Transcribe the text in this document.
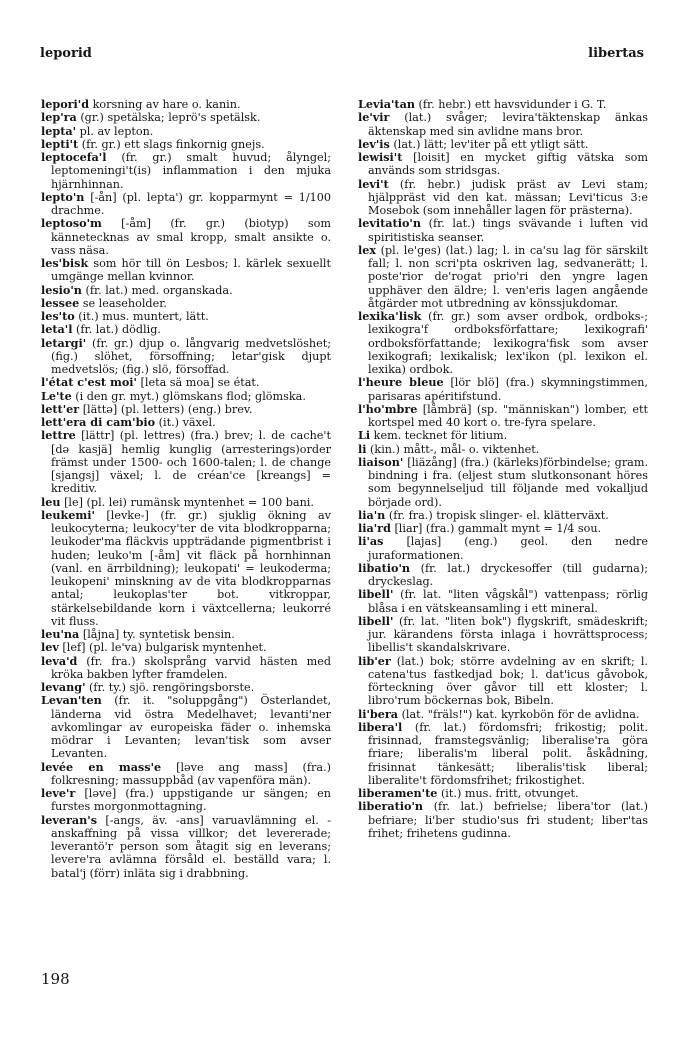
leporid	libertas

lepori'd korsning av hare o. kanin.

lep'ra (gr.) spetälska; leprö's spetälsk.

lepta' pl. av lepton.

lepti't (fr. gr.) ett slags finkornig gnejs.

leptocefa'l (fr. gr.) smalt huvud; ålyngel; leptomeningi't(is) inflammation i den mjuka hjärnhinnan.

lepto'n [-ån] (pl. lepta') gr. kopparmynt = 1/100 drachme.

leptoso'm [-åm] (fr. gr.) (biotyp) som kännetecknas av smal kropp, smalt ansikte o. vass näsa.

les'bisk som hör till ön Lesbos; l. kärlek sexuellt umgänge mellan kvinnor.

lesio'n (fr. lat.) med. organskada.

lessee se leaseholder.

les'to (it.) mus. muntert, lätt.

leta'l (fr. lat.) dödlig.

letargi' (fr. gr.) djup o. långvarig medvetslöshet; (fig.) slöhet, försoffning; letar'gisk djupt medvetslös; (fig.) slö, försoffad.

l'état c'est moi' [leta sä moa] se état.

Le'te (i den gr. myt.) glömskans flod; glömska.

lett'er [lättə] (pl. letters) (eng.) brev.

lett'era di cam'bio (it.) växel.

lettre [lättr] (pl. lettres) (fra.) brev; l. de cache't [də kasjä] hemlig kunglig (arresterings)order främst under 1500- och 1600-talen; l. de change [sjangsj] växel; l. de créan'ce [kreangs] = kreditiv.

leu [le] (pl. lei) rumänsk myntenhet = 100 bani.

leukemi' [levke-] (fr. gr.) sjuklig ökning av leukocyterna; leukocy'ter de vita blodkropparna; leukoder'ma fläckvis uppträdande pigmentbrist i huden; leuko'm [-åm] vit fläck på hornhinnan (vanl. en ärrbildning); leukopati' = leukoderma; leukopeni' minskning av de vita blodkropparnas antal; leukoplas'ter bot. vitkroppar, stärkelsebildande korn i växtcellerna; leukorré vit fluss.

leu'na [låjna] ty. syntetisk bensin.

lev [lef] (pl. le'va) bulgarisk myntenhet.

leva'd (fr. fra.) skolsprång varvid hästen med kröka bakben lyfter framdelen.

levang' (fr. ty.) sjö. rengöringsborste.

Levan'ten (fr. it. "soluppgång") Österlandet, länderna vid östra Medelhavet; levanti'ner avkomlingar av europeiska fäder o. inhemska mödrar i Levanten; levan'tisk som avser Levanten.

levée en mass'e [ləve ang mass] (fra.) folkresning; massuppbåd (av vapenföra män).

leve'r [ləve] (fra.) uppstigande ur sängen; en furstes morgonmottagning.

leveran's [-angs, äv. -ans] varuavlämning el. -anskaffning på vissa villkor; det levererade; leverantö'r person som åtagit sig en leverans; levere'ra avlämna försåld el. beställd vara; l. batal'j (förr) inläta sig i drabbning.

Levia'tan (fr. hebr.) ett havsvidunder i G. T.

le'vir (lat.) svåger; levira'täktenskap änkas äktenskap med sin avlidne mans bror.

lev'is (lat.) lätt; lev'iter på ett ytligt sätt.

lewisi't [loisit] en mycket giftig vätska som används som stridsgas.

levi't (fr. hebr.) judisk präst av Levi stam; hjälppräst vid den kat. mässan; Levi'ticus 3:e Mosebok (som innehåller lagen för prästerna).

levitatio'n (fr. lat.) tings svävande i luften vid spiritistiska seanser.

lex (pl. le'ges) (lat.) lag; l. in ca'su lag för särskilt fall; l. non scri'pta oskriven lag, sedvanerätt; l. poste'rior de'rogat prio'ri den yngre lagen upphäver den äldre; l. ven'eris lagen angående åtgärder mot utbredning av könssjukdomar.

lexika'lisk (fr. gr.) som avser ordbok, ordboks-; lexikogra'f ordboksförfattare; lexikografi' ordboksförfattande; lexikogra'fisk som avser lexikografi; lexikalisk; lex'ikon (pl. lexikon el. lexika) ordbok.

l'heure bleue [lör blö] (fra.) skymningstimmen, parisaras apéritifstund.

l'ho'mbre [låmbrä] (sp. "människan") lomber, ett kortspel med 40 kort o. tre-fyra spelare.

Li kem. tecknet för litium.

li (kin.) mått-, mål- o. viktenhet.

liaison' [liäzång] (fra.) (kärleks)förbindelse; gram. bindning i fra. (eljest stum slutkonsonant höres som begynnelseljud till följande med vokalljud började ord).

lia'n (fr. fra.) tropisk slinger- el. klätterväxt.

lia'rd [liar] (fra.) gammalt mynt = 1/4 sou.

li'as [lajas] (eng.) geol. den nedre juraformationen.

libatio'n (fr. lat.) dryckesoffer (till gudarna); dryckeslag.

libell' (fr. lat. "liten vågskål") vattenpass; rörlig blåsa i en vätskeansamling i ett mineral.

libell' (fr. lat. "liten bok") flygskrift, smädeskrift; jur. kärandens första inlaga i hovrättsprocess; libellis't skandalskrivare.

lib'er (lat.) bok; större avdelning av en skrift; l. catena'tus fastkedjad bok; l. dat'icus gåvobok, förteckning över gåvor till ett kloster; l. libro'rum böckernas bok, Bibeln.

li'bera (lat. "fräls!") kat. kyrkobön för de avlidna.

libera'l (fr. lat.) fördomsfri; frikostig; polit. frisinnad, framstegsvänlig; liberalise'ra göra friare; liberalis'm liberal polit. åskådning, frisinnat tänkesätt; liberalis'tisk liberal; liberalite't fördomsfrihet; frikostighet.

liberamen'te (it.) mus. fritt, otvunget.

liberatio'n (fr. lat.) befrielse; libera'tor (lat.) befriare; li'ber studio'sus fri student; liber'tas frihet; frihetens gudinna.

198
